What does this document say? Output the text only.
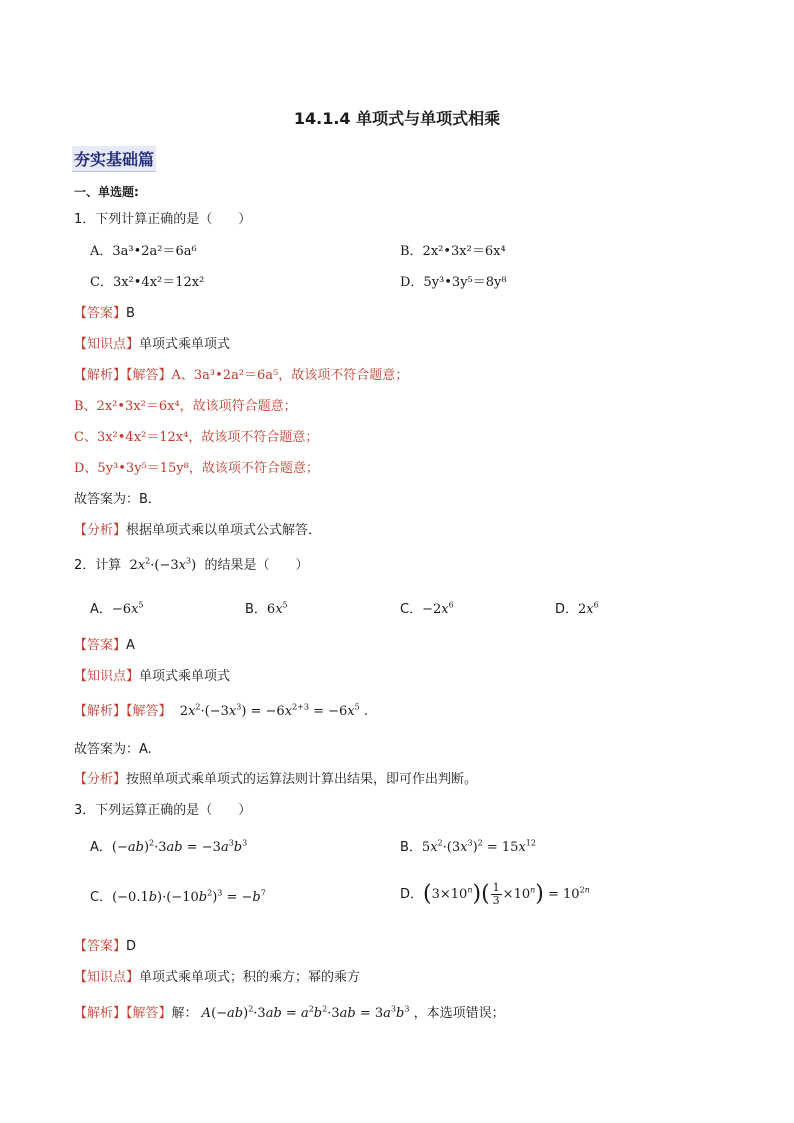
14.1.4 单项式与单项式相乘
夯实基础篇
一、单选题:
1．下列计算正确的是（　　）
A．3a³•2a²＝6a⁶	B．2x²•3x²＝6x⁴
C．3x²•4x²＝12x²	D．5y³•3y⁵＝8y⁸
【答案】B
【知识点】单项式乘单项式
【解析】【解答】A、3a³•2a²＝6a⁵，故该项不符合题意；
B、2x²•3x²＝6x⁴，故该项符合题意；
C、3x²•4x²＝12x⁴，故该项不符合题意；
D、5y³•3y⁵＝15y⁸，故该项不符合题意；
故答案为：B．
【分析】根据单项式乘以单项式公式解答．
2．计算  $2x^2\cdot(-3x^3)$  的结果是（　　）
A．$-6x^5$	B．$6x^5$	C．$-2x^6$	D．$2x^6$
【答案】A
【知识点】单项式乘单项式
【解析】【解答】  $2x^2\cdot(-3x^3) = -6x^{2+3} = -6x^5$ .
故答案为：A.
【分析】按照单项式乘单项式的运算法则计算出结果，即可作出判断。
3．下列运算正确的是（　　）
A．$(-ab)^2\cdot 3ab = -3a^3b^3$	B．$5x^2\cdot(3x^3)^2 = 15x^{12}$
C．$(-0.1b)\cdot(-10b^2)^3 = -b^7$	D．$(3\times 10^n)( \frac{1}{3} \times 10^n) = 10^{2n}$
【答案】D
【知识点】单项式乘单项式；积的乘方；幂的乘方
【解析】【解答】解： $A(-ab)^2\cdot 3ab = a^2b^2\cdot 3ab = 3a^3b^3$ ，本选项错误；
